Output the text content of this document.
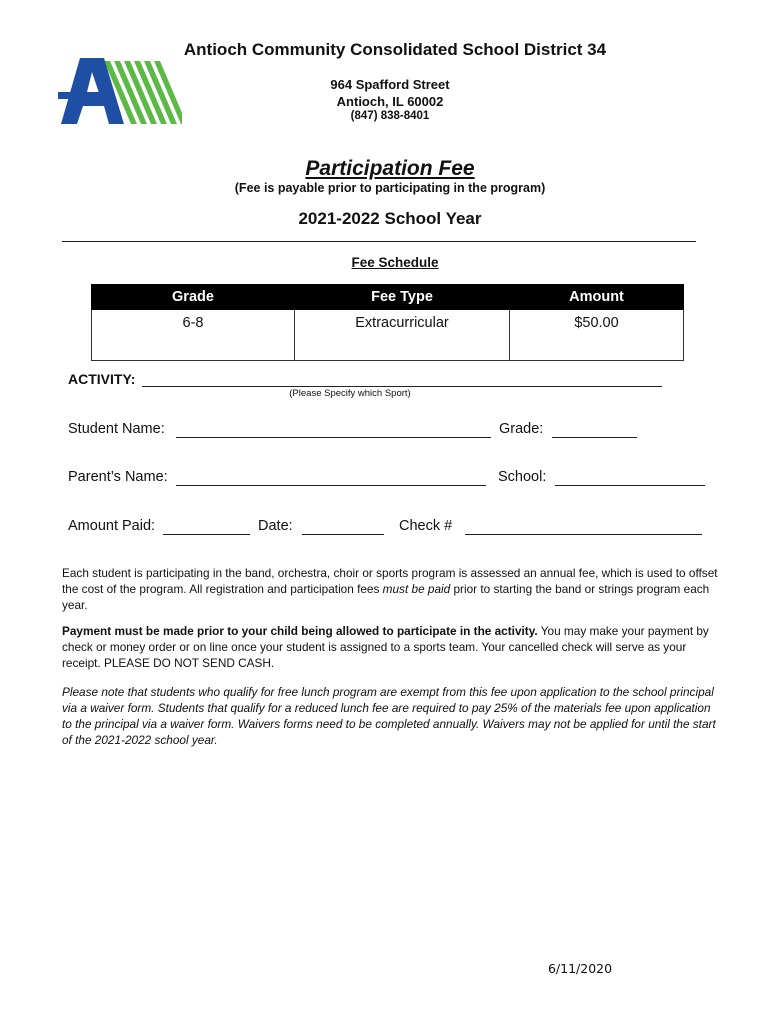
Antioch Community Consolidated School District 34
964 Spafford Street
Antioch, IL 60002
(847) 838-8401
Participation Fee
(Fee is payable prior to participating in the program)
2021-2022 School Year
Fee Schedule
Grade	Fee Type	Amount
6-8	Extracurricular	$50.00
ACTIVITY:
(Please Specify which Sport)
Student Name:	Grade:
Parent’s Name:	School:
Amount Paid:	Date:	Check #
Each student is participating in the band, orchestra, choir or sports program is assessed an annual fee, which is used to offset the cost of the program. All registration and participation fees must be paid prior to starting the band or strings program each year.
Payment must be made prior to your child being allowed to participate in the activity. You may make your payment by check or money order or on line once your student is assigned to a sports team. Your cancelled check will serve as your receipt. PLEASE DO NOT SEND CASH.
Please note that students who qualify for free lunch program are exempt from this fee upon application to the school principal via a waiver form. Students that qualify for a reduced lunch fee are required to pay 25% of the materials fee upon application to the principal via a waiver form. Waivers forms need to be completed annually. Waivers may not be applied for until the start of the 2021-2022 school year.
6/11/2020
